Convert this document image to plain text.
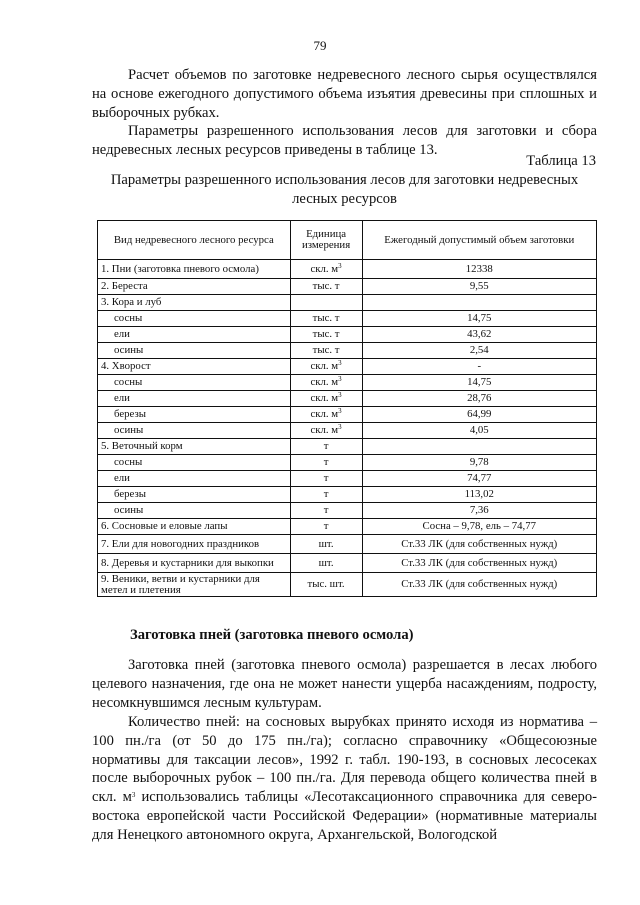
79

Расчет объемов по заготовке недревесного лесного сырья осуществлялся на основе ежегодного допустимого объема изъятия древесины при сплошных и выборочных рубках.

Параметры разрешенного использования лесов для заготовки и сбора недревесных лесных ресурсов приведены в таблице 13.

Таблица 13
Параметры разрешенного использования лесов для заготовки недревесных лесных ресурсов
Вид недревесного лесного ресурса	Единица измерения	Ежегодный допустимый объем заготовки
1. Пни (заготовка пневого осмола)	скл. $м^3$	12338
2. Береста	тыс. т	9,55
3. Кора и луб		
сосны	тыс. т	14,75
ели	тыс. т	43,62
осины	тыс. т	2,54
4. Хворост	скл. $м^3$	-
сосны	скл. $м^3$	14,75
ели	скл. $м^3$	28,76
березы	скл. $м^3$	64,99
осины	скл. $м^3$	4,05
5. Веточный корм	т	
сосны	т	9,78
ели	т	74,77
березы	т	113,02
осины	т	7,36
6. Сосновые и еловые лапы	т	Сосна – 9,78, ель – 74,77
7. Ели для новогодних праздников	шт.	Ст.33 ЛК (для собственных нужд)
8. Деревья и кустарники для выкопки	шт.	Ст.33 ЛК (для собственных нужд)
9. Веники, ветви и кустарники для метел и плетения	тыс. шт.	Ст.33 ЛК (для собственных нужд)
Заготовка пней (заготовка пневого осмола)

Заготовка пней (заготовка пневого осмола) разрешается в лесах любого целевого назначения, где она не может нанести ущерба насаждениям, подросту, несомкнувшимся лесным культурам.

Количество пней: на сосновых вырубках принято исходя из норматива – 100 пн./га (от 50 до 175 пн./га); согласно справочнику «Общесоюзные нормативы для таксации лесов», 1992 г. табл. 190-193, в сосновых лесосеках после выборочных рубок – 100 пн./га. Для перевода общего количества пней в скл. $м^3$ использовались таблицы «Лесотаксационного справочника для северо-востока европейской части Российской Федерации» (нормативные материалы для Ненецкого автономного округа, Архангельской, Вологодской
